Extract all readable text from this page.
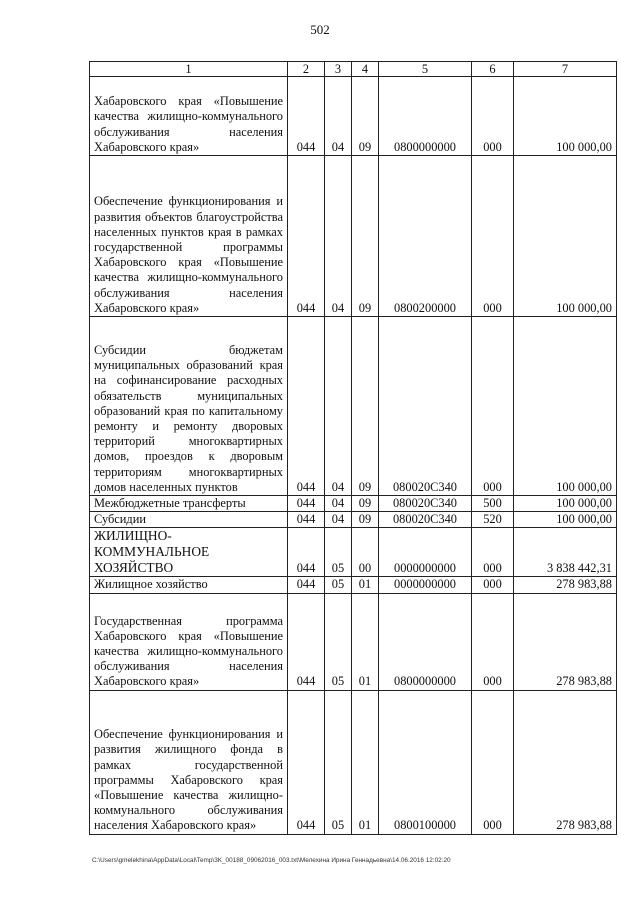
502
1	2	3	4	5	6	7
Хабаровского края «Повышение качества жилищно-коммунального обслуживания населения Хабаровского края»	044	04	09	0800000000	000	100 000,00
Обеспечение функционирования и развития объектов благоустройства населенных пунктов края в рамках государственной программы Хабаровского края «Повышение качества жилищно-коммунального обслуживания населения Хабаровского края»	044	04	09	0800200000	000	100 000,00
Субсидии бюджетам муниципальных образований края на софинансирование расходных обязательств муниципальных образований края по капитальному ремонту и ремонту дворовых территорий многоквартирных домов, проездов к дворовым территориям многоквартирных домов населенных пунктов	044	04	09	080020С340	000	100 000,00
Межбюджетные трансферты	044	04	09	080020С340	500	100 000,00
Субсидии	044	04	09	080020С340	520	100 000,00
ЖИЛИЩНО-КОММУНАЛЬНОЕ ХОЗЯЙСТВО	044	05	00	0000000000	000	3 838 442,31
Жилищное хозяйство	044	05	01	0000000000	000	278 983,88
Государственная программа Хабаровского края «Повышение качества жилищно-коммунального обслуживания населения Хабаровского края»	044	05	01	0800000000	000	278 983,88
Обеспечение функционирования и развития жилищного фонда в рамках государственной программы Хабаровского края «Повышение качества жилищно-коммунального обслуживания населения Хабаровского края»	044	05	01	0800100000	000	278 983,88
C:\Users\gmelekhina\AppData\Local\Temp\3K_00188_09062016_003.txt\Мелехина Ирина Геннадьевна\14.06.2016 12:02:20
